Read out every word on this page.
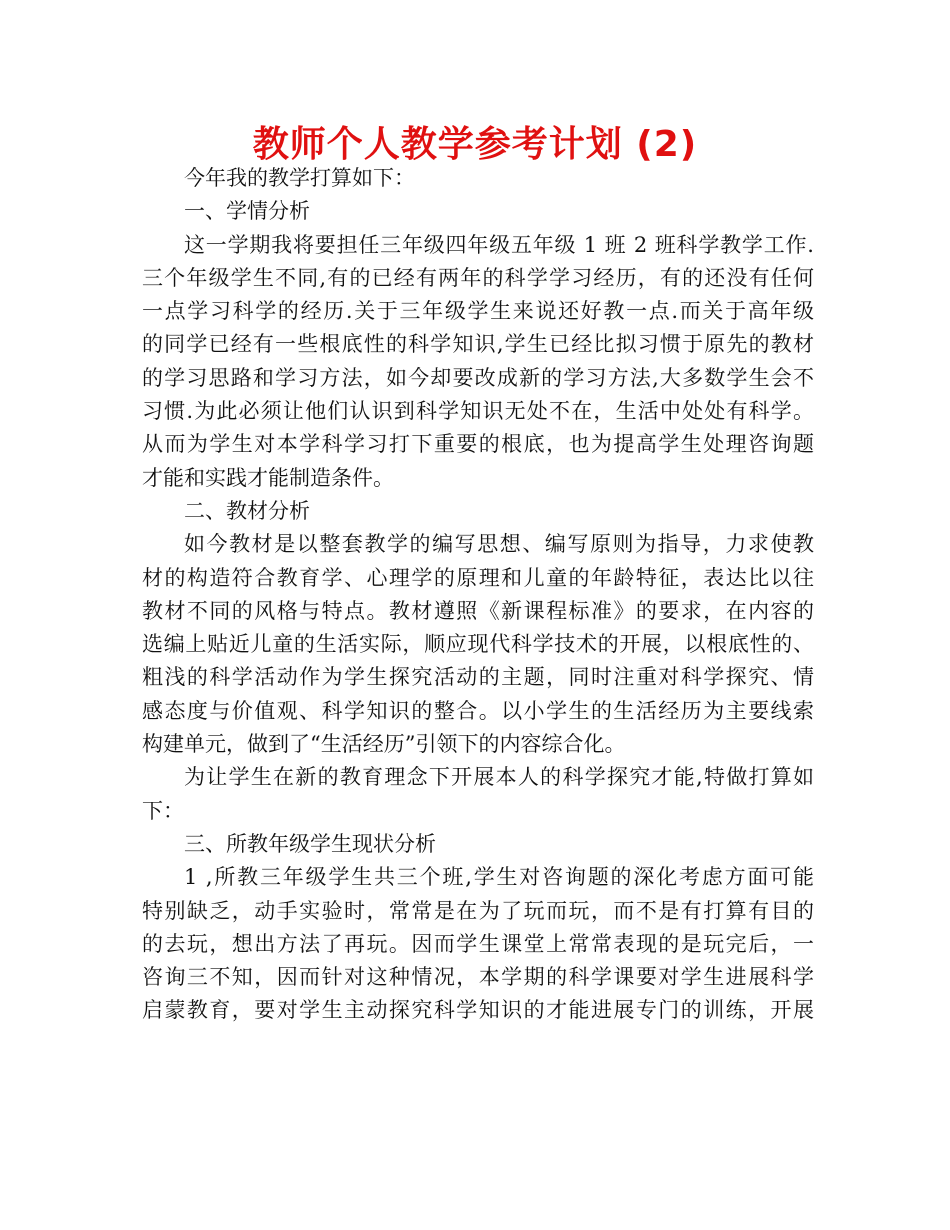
教师个人教学参考计划 (2)
今年我的教学打算如下：
一、学情分析
这一学期我将要担任三年级四年级五年级 1 班 2 班科学教学工作.
三个年级学生不同,有的已经有两年的科学学习经历，有的还没有任何
一点学习科学的经历.关于三年级学生来说还好教一点.而关于高年级
的同学已经有一些根底性的科学知识,学生已经比拟习惯于原先的教材
的学习思路和学习方法，如今却要改成新的学习方法,大多数学生会不
习惯.为此必须让他们认识到科学知识无处不在，生活中处处有科学。
从而为学生对本学科学习打下重要的根底，也为提高学生处理咨询题
才能和实践才能制造条件。
二、教材分析
如今教材是以整套教学的编写思想、编写原则为指导，力求使教
材的构造符合教育学、心理学的原理和儿童的年龄特征，表达比以往
教材不同的风格与特点。教材遵照《新课程标准》的要求，在内容的
选编上贴近儿童的生活实际，顺应现代科学技术的开展，以根底性的、
粗浅的科学活动作为学生探究活动的主题，同时注重对科学探究、情
感态度与价值观、科学知识的整合。以小学生的生活经历为主要线索
构建单元，做到了“生活经历”引领下的内容综合化。
为让学生在新的教育理念下开展本人的科学探究才能,特做打算如
下：
三、所教年级学生现状分析
1 ,所教三年级学生共三个班,学生对咨询题的深化考虑方面可能
特别缺乏，动手实验时，常常是在为了玩而玩，而不是有打算有目的
的去玩，想出方法了再玩。因而学生课堂上常常表现的是玩完后，一
咨询三不知，因而针对这种情况，本学期的科学课要对学生进展科学
启蒙教育，要对学生主动探究科学知识的才能进展专门的训练，开展
